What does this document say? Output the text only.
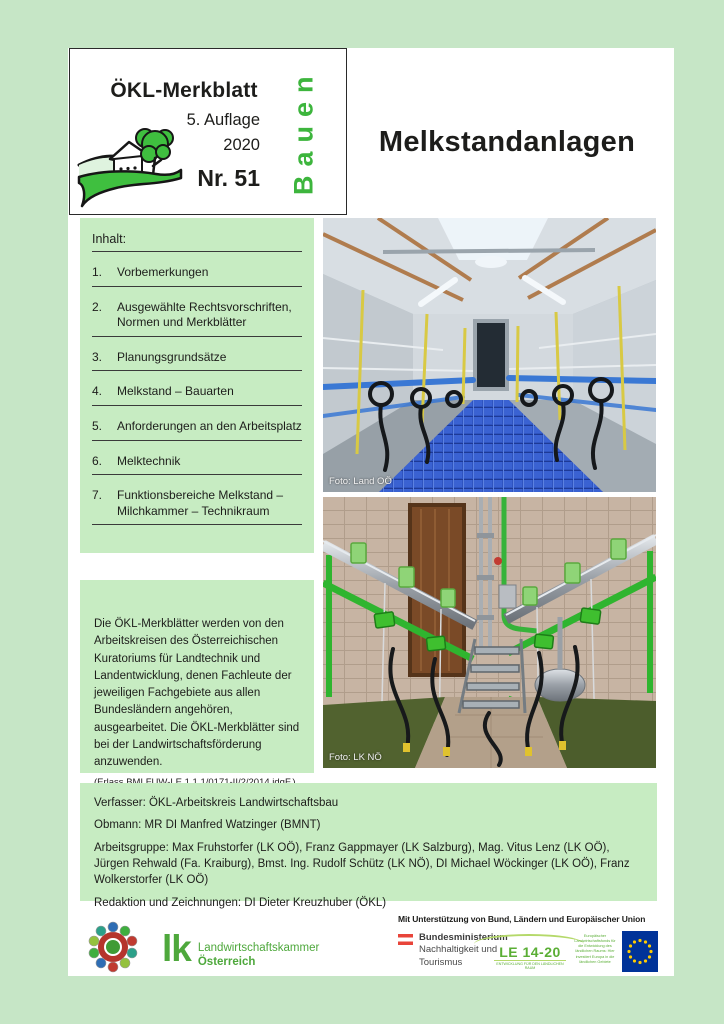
ÖKL-Merkblatt
5. Auflage
2020
Nr. 51 Bauen	Melkstandanlagen
Inhalt:
1.	Vorbemerkungen
2.	Ausgewählte Rechtsvorschriften, Normen und Merkblätter
3.	Planungsgrundsätze
4.	Melkstand – Bauarten
5.	Anforderungen an den Arbeitsplatz
6.	Melktechnik
7.	Funktionsbereiche Melkstand – Milchkammer – Technikraum
Die ÖKL-Merkblätter werden von den Arbeitskreisen des Österreichischen Kuratoriums für Landtechnik und Landentwicklung, denen Fachleute der jeweiligen Fachgebiete aus allen Bundesländern angehören, ausgearbeitet. Die ÖKL-Merkblätter sind bei der Landwirtschaftsförderung anzuwenden.
Foto: Land OÖ
Foto: LK NÖ

Verfasser: ÖKL-Arbeitskreis Landwirtschaftsbau

Obmann: MR DI Manfred Watzinger (BMNT)

Arbeitsgruppe: Max Fruhstorfer (LK OÖ), Franz Gappmayer (LK Salzburg), Mag. Vitus Lenz (LK OÖ), Jürgen Rehwald (Fa. Kraiburg), Bmst. Ing. Rudolf Schütz (LK NÖ), DI Michael Wöckinger (LK OÖ), Franz Wolkerstorfer (LK OÖ)

Redaktion und Zeichnungen: DI Dieter Kreuzhuber (ÖKL)

lk Landwirtschaftskammer
Österreich
Mit Unterstützung von Bund, Ländern und Europäischer Union
Bundesministerium
Nachhaltigkeit und
Tourismus
LE 14-20
ENTWICKLUNG FÜR DEN LÄNDLICHEN RAUM
Europäischer Landwirtschaftsfonds für die Entwicklung des ländlichen Raums: Hier investiert Europa in die ländlichen Gebiete
